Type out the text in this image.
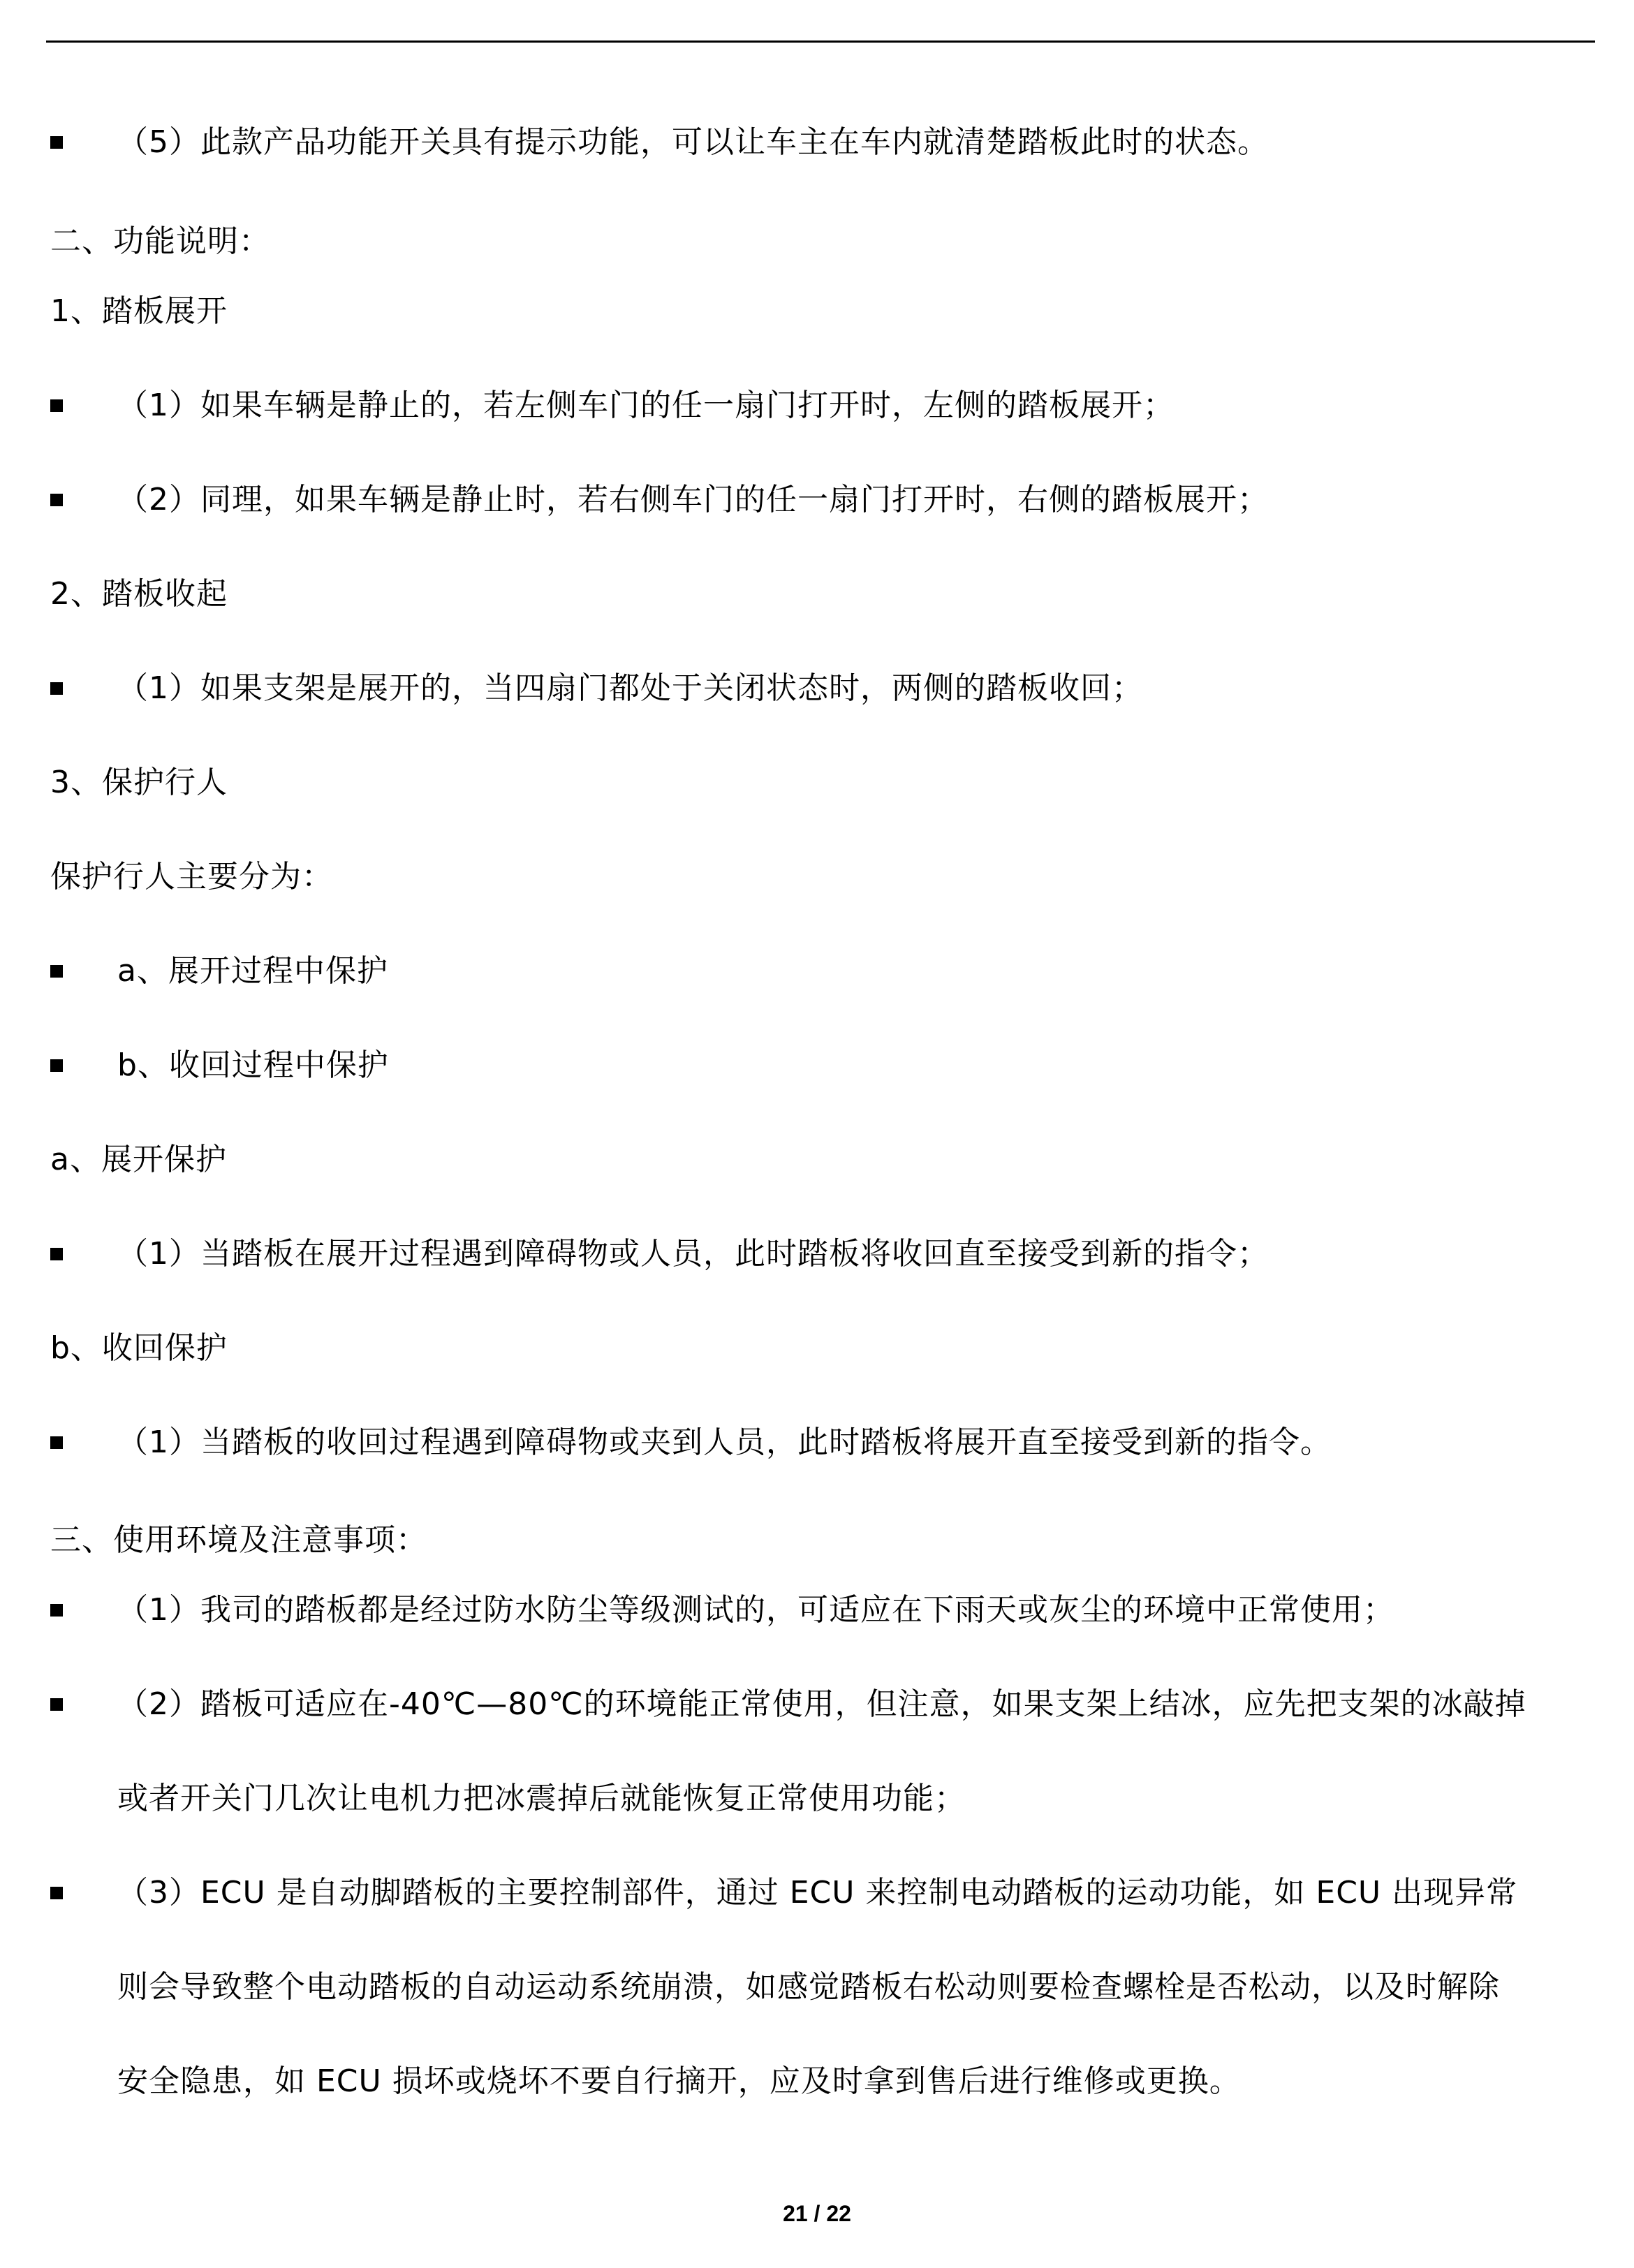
（5）此款产品功能开关具有提示功能，可以让车主在车内就清楚踏板此时的状态。
二、功能说明：
1、踏板展开
（1）如果车辆是静止的，若左侧车门的任一扇门打开时，左侧的踏板展开；
（2）同理，如果车辆是静止时，若右侧车门的任一扇门打开时，右侧的踏板展开；
2、踏板收起
（1）如果支架是展开的，当四扇门都处于关闭状态时，两侧的踏板收回；
3、保护行人
保护行人主要分为：
a、展开过程中保护
b、收回过程中保护
a、展开保护
（1）当踏板在展开过程遇到障碍物或人员，此时踏板将收回直至接受到新的指令；
b、收回保护
（1）当踏板的收回过程遇到障碍物或夹到人员，此时踏板将展开直至接受到新的指令。
三、使用环境及注意事项：
（1）我司的踏板都是经过防水防尘等级测试的，可适应在下雨天或灰尘的环境中正常使用；
（2）踏板可适应在-40℃—80℃的环境能正常使用，但注意，如果支架上结冰，应先把支架的冰敲掉
或者开关门几次让电机力把冰震掉后就能恢复正常使用功能；
（3）ECU 是自动脚踏板的主要控制部件，通过 ECU 来控制电动踏板的运动功能，如 ECU 出现异常
则会导致整个电动踏板的自动运动系统崩溃，如感觉踏板右松动则要检查螺栓是否松动，以及时解除
安全隐患，如 ECU 损坏或烧坏不要自行摘开，应及时拿到售后进行维修或更换。
21 / 22
